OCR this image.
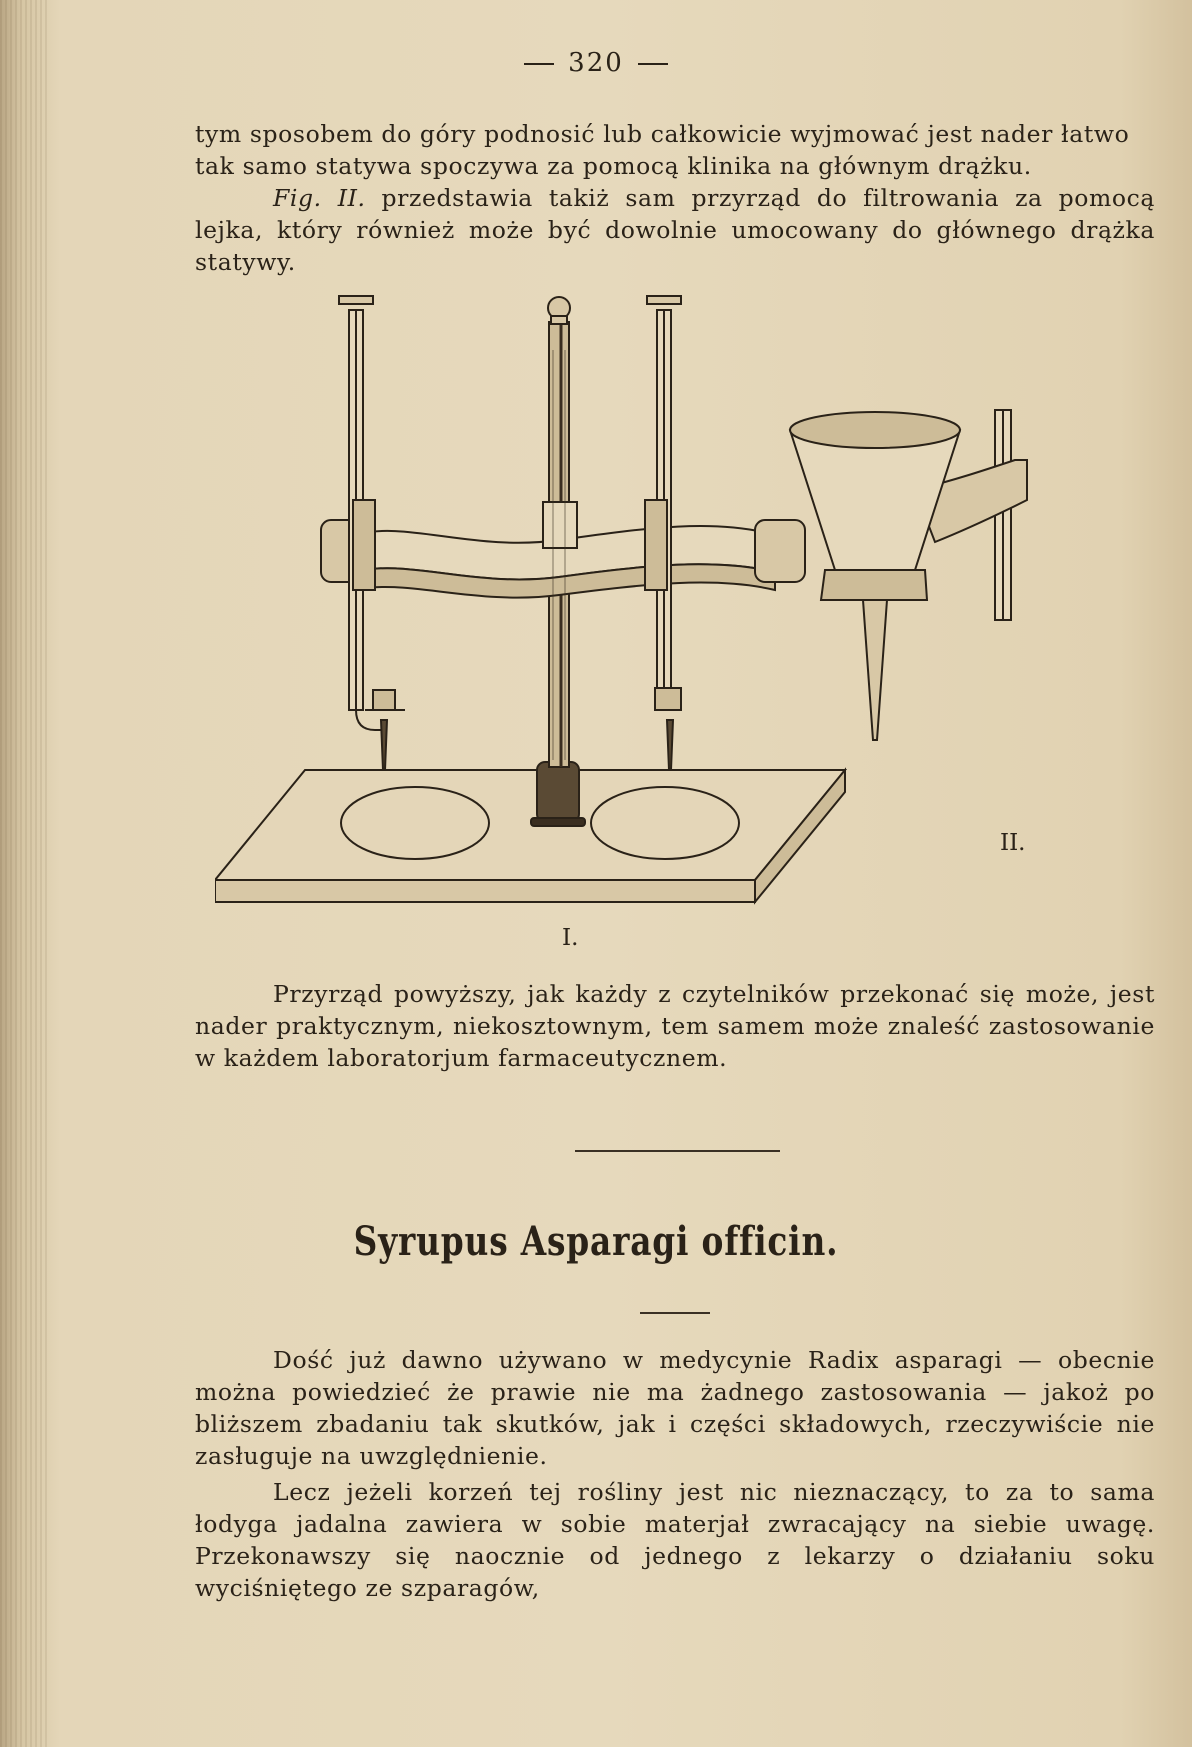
320

tym sposobem do góry podnosić lub całkowicie wyjmować jest nader łatwo

tak samo statywa spoczywa za pomocą klinika na głównym drążku.

Fig. II. przedstawia takiż sam przyrząd do filtrowania za pomocą lejka, który również może być dowolnie umocowany do głównego drążka statywy.

I.
II.

Przyrząd powyższy, jak każdy z czytelników przekonać się może, jest nader praktycznym, niekosztownym, tem samem może znaleść zastosowanie w każdem laboratorjum farmaceutycznem.

Syrupus Asparagi officin.

Dość już dawno używano w medycynie Radix asparagi — obecnie można powiedzieć że prawie nie ma żadnego zastosowania — jakoż po bliższem zbadaniu tak skutków, jak i części składowych, rzeczywiście nie zasługuje na uwzględnienie.

Lecz jeżeli korzeń tej rośliny jest nic nieznaczący, to za to sama łodyga jadalna zawiera w sobie materjał zwracający na siebie uwagę. Przekonawszy się naocznie od jednego z lekarzy o działaniu soku wyciśniętego ze szparagów,
